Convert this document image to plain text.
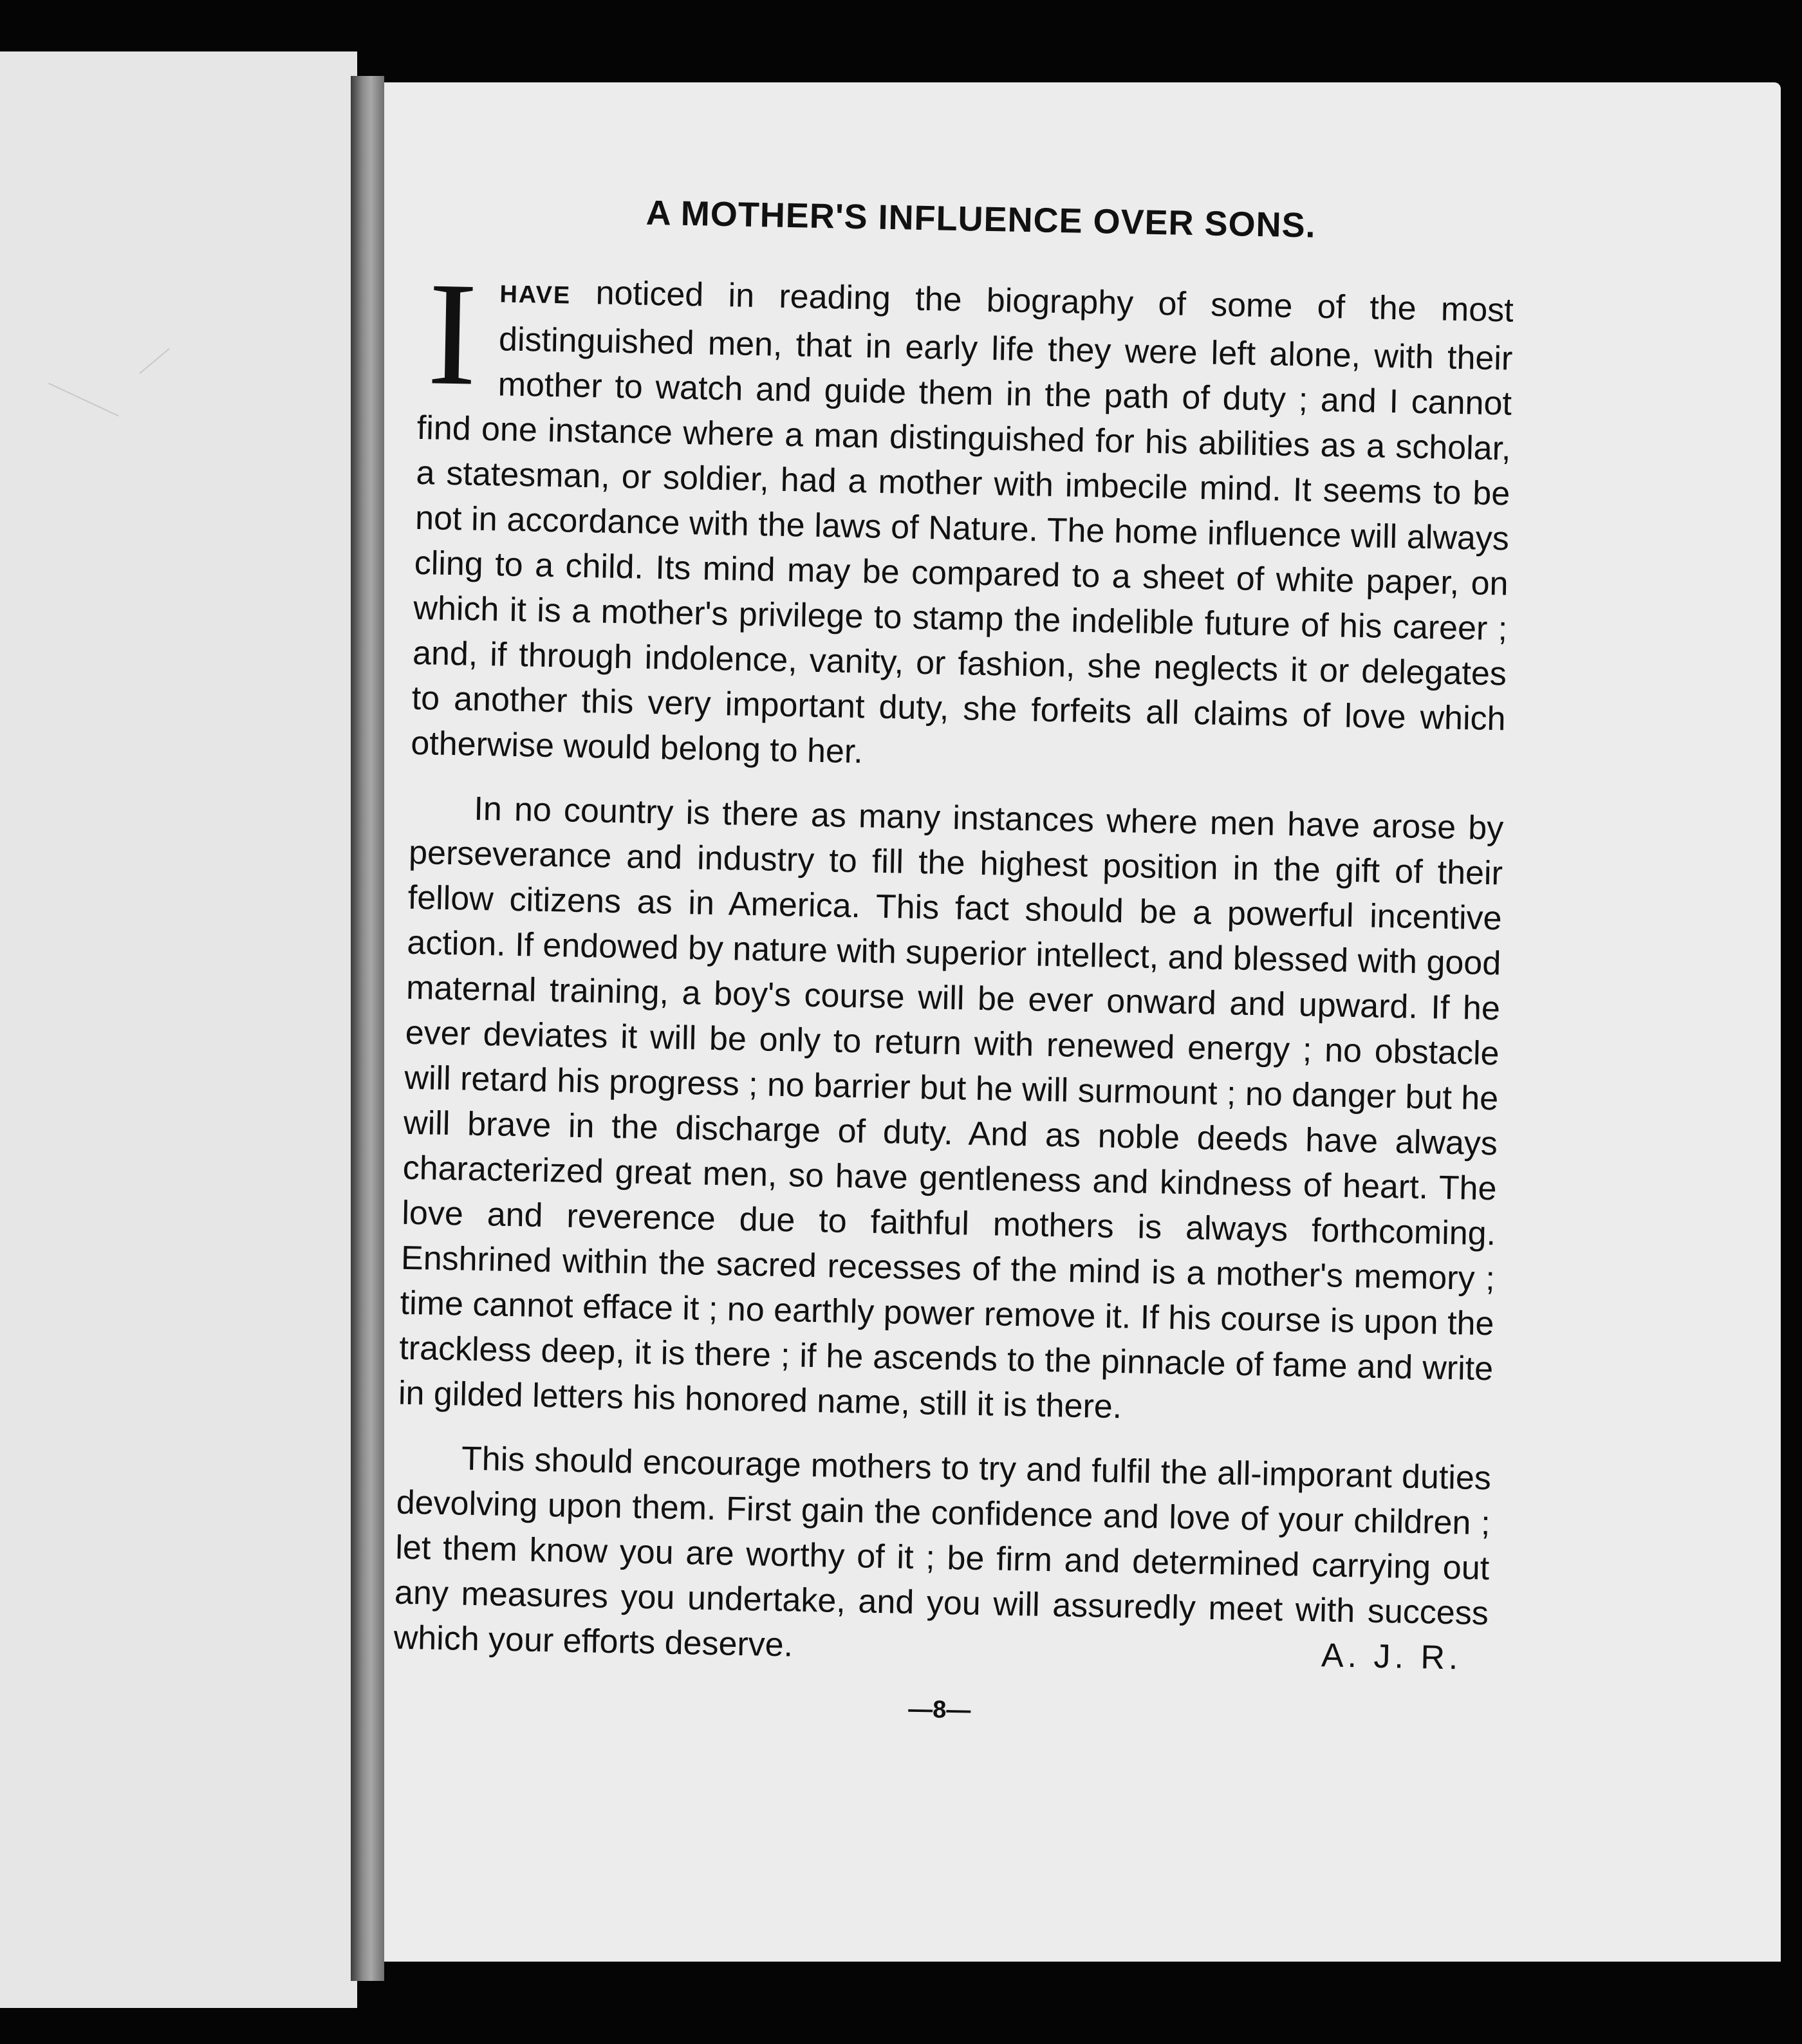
A MOTHER'S INFLUENCE OVER SONS.

IHAVE noticed in reading the biography of some of the most distinguished men, that in early life they were left alone, with their mother to watch and guide them in the path of duty ; and I cannot find one instance where a man distinguished for his abilities as a scholar, a statesman, or soldier, had a mother with imbecile mind. It seems to be not in accordance with the laws of Nature. The home influence will always cling to a child. Its mind may be compared to a sheet of white paper, on which it is a mother's privilege to stamp the indelible future of his career ; and, if through indolence, vanity, or fashion, she neglects it or delegates to another this very important duty, she forfeits all claims of love which otherwise would belong to her.

In no country is there as many instances where men have arose by perseverance and industry to fill the highest position in the gift of their fellow citizens as in America. This fact should be a powerful incentive action. If endowed by nature with superior intellect, and blessed with good maternal training, a boy's course will be ever onward and upward. If he ever deviates it will be only to return with renewed energy ; no obstacle will retard his progress ; no barrier but he will surmount ; no danger but he will brave in the discharge of duty. And as noble deeds have always characterized great men, so have gentleness and kindness of heart. The love and reverence due to faithful mothers is always forthcoming. Enshrined within the sacred recesses of the mind is a mother's memory ; time cannot efface it ; no earthly power remove it. If his course is upon the trackless deep, it is there ; if he ascends to the pinnacle of fame and write in gilded letters his honored name, still it is there.

This should encourage mothers to try and fulfil the all-imporant duties devolving upon them. First gain the confidence and love of your children ; let them know you are worthy of it ; be firm and determined carrying out any measures you undertake, and you will assuredly meet with success which your efforts deserve.	A. J. R.

—8—
